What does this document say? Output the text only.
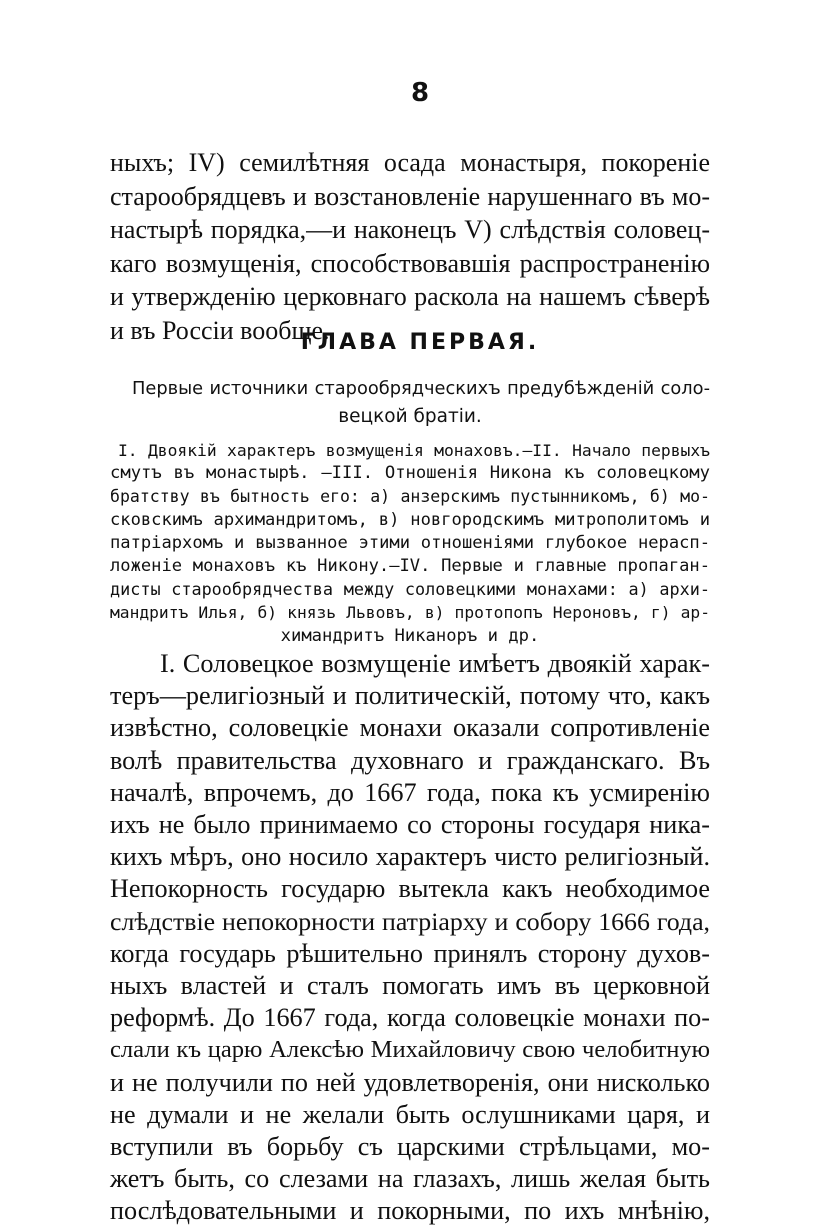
8
ныхъ; IV) семилѣтняя осада монастыря, покореніе
старообрядцевъ и возстановленіе нарушеннаго въ мо-
настырѣ порядка,—и наконецъ V) слѣдствія соловец-
каго возмущенія, способствовавшія распространенію
и утвержденію церковнаго раскола на нашемъ сѣверѣ
и въ Россіи вообще.
ГЛАВА ПЕРВАЯ.
Первые источники старообрядческихъ предубѣжденій соло-
вецкой братіи.
I. Двоякій характеръ возмущенія монаховъ.—II. Начало первыхъ
смутъ въ монастырѣ. —III. Отношенія Никона къ соловецкому
братству въ бытность его: а) анзерскимъ пустынникомъ, б) мо-
сковскимъ архимандритомъ, в) новгородскимъ митрополитомъ и
патріархомъ и вызванное этими отношеніями глубокое нерасп-
ложеніе монаховъ къ Никону.—IV. Первые и главные пропаган-
дисты старообрядчества между соловецкими монахами: а) архи-
мандритъ Илья, б) князь Львовъ, в) протопопъ Нероновъ, г) ар-
химандритъ Никаноръ и др.
I. Соловецкое возмущеніе имѣетъ двоякій харак-
теръ—религіозный и политическій, потому что, какъ
извѣстно, соловецкіе монахи оказали сопротивленіе
волѣ правительства духовнаго и гражданскаго. Въ
началѣ, впрочемъ, до 1667 года, пока къ усмиренію
ихъ не было принимаемо со стороны государя ника-
кихъ мѣръ, оно носило характеръ чисто религіозный.
Непокорность государю вытекла какъ необходимое
слѣдствіе непокорности патріарху и собору 1666 года,
когда государь рѣшительно принялъ сторону духов-
ныхъ властей и сталъ помогать имъ въ церковной
реформѣ. До 1667 года, когда соловецкіе монахи по-
слали къ царю Алексѣю Михайловичу свою челобитную
и не получили по ней удовлетворенія, они нисколько
не думали и не желали быть ослушниками царя, и
вступили въ борьбу съ царскими стрѣльцами, мо-
жетъ быть, со слезами на глазахъ, лишь желая быть
послѣдовательными и покорными, по ихъ мнѣнію,
